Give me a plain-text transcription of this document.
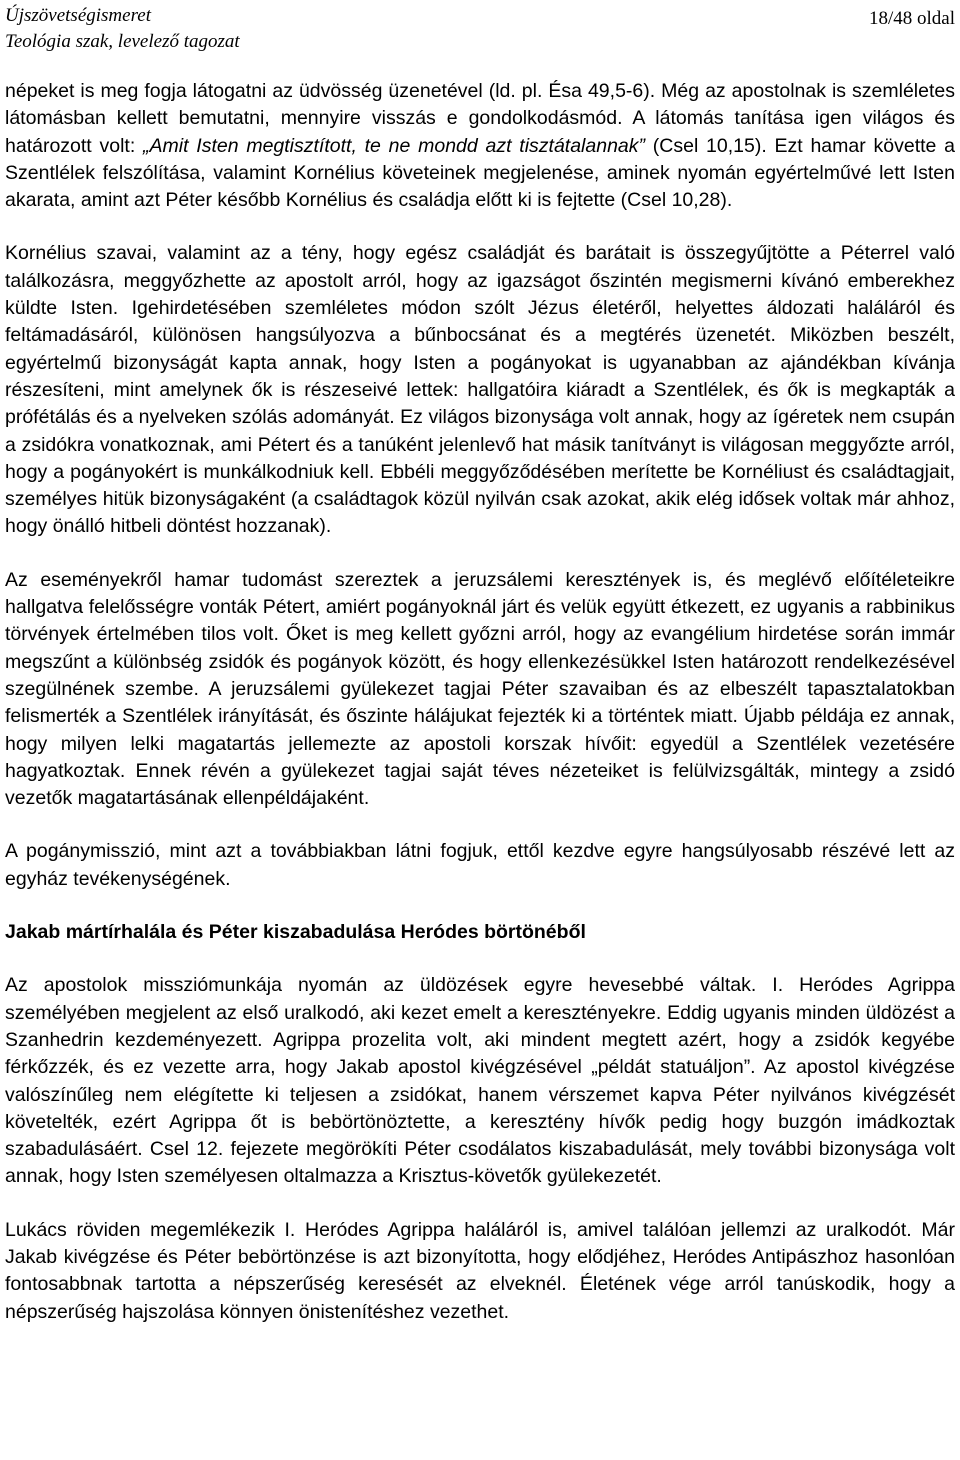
Újszövetségismeret
Teológia szak, levelező tagozat
18/48 oldal

népeket is meg fogja látogatni az üdvösség üzenetével (ld. pl. Ésa 49,5-6). Még az apostolnak is szemléletes látomásban kellett bemutatni, mennyire visszás e gondolkodásmód. A látomás tanítása igen világos és határozott volt: „Amit Isten megtisztított, te ne mondd azt tisztátalannak” (Csel 10,15). Ezt hamar követte a Szentlélek felszólítása, valamint Kornélius követeinek megjelenése, aminek nyomán egyértelművé lett Isten akarata, amint azt Péter később Kornélius és családja előtt ki is fejtette (Csel 10,28).

Kornélius szavai, valamint az a tény, hogy egész családját és barátait is összegyűjtötte a Péterrel való találkozásra, meggyőzhette az apostolt arról, hogy az igazságot őszintén megismerni kívánó emberekhez küldte Isten. Igehirdetésében szemléletes módon szólt Jézus életéről, helyettes áldozati haláláról és feltámadásáról, különösen hangsúlyozva a bűnbocsánat és a megtérés üzenetét. Miközben beszélt, egyértelmű bizonyságát kapta annak, hogy Isten a pogányokat is ugyanabban az ajándékban kívánja részesíteni, mint amelynek ők is részeseivé lettek: hallgatóira kiáradt a Szentlélek, és ők is megkapták a prófétálás és a nyelveken szólás adományát. Ez világos bizonysága volt annak, hogy az ígéretek nem csupán a zsidókra vonatkoznak, ami Pétert és a tanúként jelenlevő hat másik tanítványt is világosan meggyőzte arról, hogy a pogányokért is munkálkodniuk kell. Ebbéli meggyőződésében merítette be Kornéliust és családtagjait, személyes hitük bizonyságaként (a családtagok közül nyilván csak azokat, akik elég idősek voltak már ahhoz, hogy önálló hitbeli döntést hozzanak).

Az eseményekről hamar tudomást szereztek a jeruzsálemi keresztények is, és meglévő előítéleteikre hallgatva felelősségre vonták Pétert, amiért pogányoknál járt és velük együtt étkezett, ez ugyanis a rabbinikus törvények értelmében tilos volt. Őket is meg kellett győzni arról, hogy az evangélium hirdetése során immár megszűnt a különbség zsidók és pogányok között, és hogy ellenkezésükkel Isten határozott rendelkezésével szegülnének szembe. A jeruzsálemi gyülekezet tagjai Péter szavaiban és az elbeszélt tapasztalatokban felismerték a Szentlélek irányítását, és őszinte hálájukat fejezték ki a történtek miatt. Újabb példája ez annak, hogy milyen lelki magatartás jellemezte az apostoli korszak hívőit: egyedül a Szentlélek vezetésére hagyatkoztak. Ennek révén a gyülekezet tagjai saját téves nézeteiket is felülvizsgálták, mintegy a zsidó vezetők magatartásának ellenpéldájaként.

A pogánymisszió, mint azt a továbbiakban látni fogjuk, ettől kezdve egyre hangsúlyosabb részévé lett az egyház tevékenységének.

Jakab mártírhalála és Péter kiszabadulása Heródes börtönéből

Az apostolok missziómunkája nyomán az üldözések egyre hevesebbé váltak. I. Heródes Agrippa személyében megjelent az első uralkodó, aki kezet emelt a keresztényekre. Eddig ugyanis minden üldözést a Szanhedrin kezdeményezett. Agrippa prozelita volt, aki mindent megtett azért, hogy a zsidók kegyébe férkőzzék, és ez vezette arra, hogy Jakab apostol kivégzésével „példát statuáljon”. Az apostol kivégzése valószínűleg nem elégítette ki teljesen a zsidókat, hanem vérszemet kapva Péter nyilvános kivégzését követelték, ezért Agrippa őt is bebörtönöztette, a keresztény hívők pedig hogy buzgón imádkoztak szabadulásáért. Csel 12. fejezete megörökíti Péter csodálatos kiszabadulását, mely további bizonysága volt annak, hogy Isten személyesen oltalmazza a Krisztus-követők gyülekezetét.

Lukács röviden megemlékezik I. Heródes Agrippa haláláról is, amivel találóan jellemzi az uralkodót. Már Jakab kivégzése és Péter bebörtönzése is azt bizonyította, hogy elődjéhez, Heródes Antipászhoz hasonlóan fontosabbnak tartotta a népszerűség keresését az elveknél. Életének vége arról tanúskodik, hogy a népszerűség hajszolása könnyen önistenítéshez vezethet.
